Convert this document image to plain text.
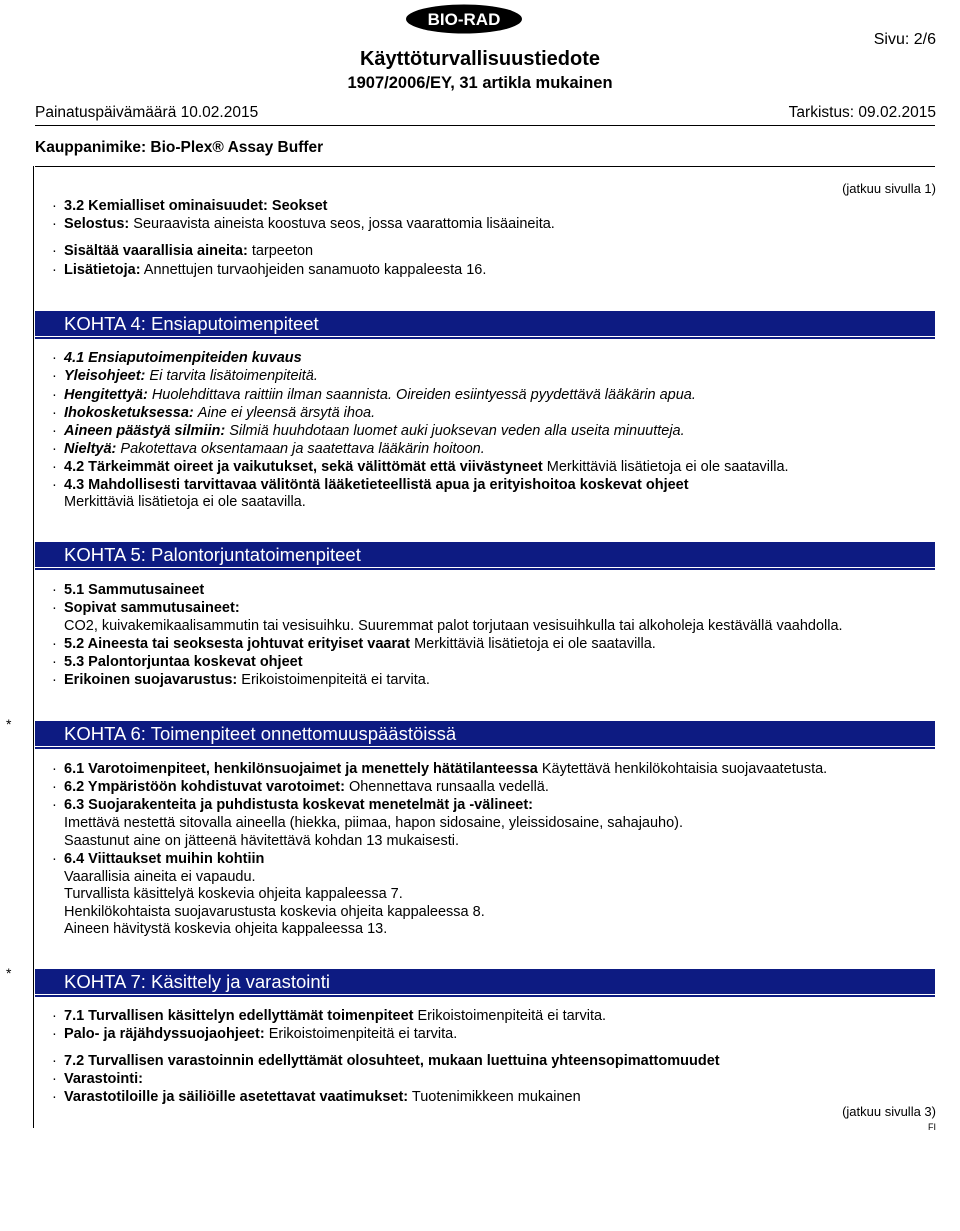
BIO-RAD
Sivu: 2/6
Käyttöturvallisuustiedote
1907/2006/EY, 31 artikla mukainen
Painatuspäivämäärä 10.02.2015	Tarkistus: 09.02.2015
Kauppanimike: Bio-Plex® Assay Buffer
(jatkuu sivulla 1)
· 3.2 Kemialliset ominaisuudet: Seokset
· Selostus: Seuraavista aineista koostuva seos, jossa vaarattomia lisäaineita.
· Sisältää vaarallisia aineita: tarpeeton
· Lisätietoja: Annettujen turvaohjeiden sanamuoto kappaleesta 16.
KOHTA 4: Ensiaputoimenpiteet
· 4.1 Ensiaputoimenpiteiden kuvaus
· Yleisohjeet: Ei tarvita lisätoimenpiteitä.
· Hengitettyä: Huolehdittava raittiin ilman saannista. Oireiden esiintyessä pyydettävä lääkärin apua.
· Ihokosketuksessa: Aine ei yleensä ärsytä ihoa.
· Aineen päästyä silmiin: Silmiä huuhdotaan luomet auki juoksevan veden alla useita minuutteja.
· Nieltyä: Pakotettava oksentamaan ja saatettava lääkärin hoitoon.
· 4.2 Tärkeimmät oireet ja vaikutukset, sekä välittömät että viivästyneet Merkittäviä lisätietoja ei ole saatavilla.
· 4.3 Mahdollisesti tarvittavaa välitöntä lääketieteellistä apua ja erityishoitoa koskevat ohjeet
Merkittäviä lisätietoja ei ole saatavilla.
KOHTA 5: Palontorjuntatoimenpiteet
· 5.1 Sammutusaineet
· Sopivat sammutusaineet:
CO2, kuivakemikaalisammutin tai vesisuihku. Suuremmat palot torjutaan vesisuihkulla tai alkoholeja kestävällä vaahdolla.
· 5.2 Aineesta tai seoksesta johtuvat erityiset vaarat Merkittäviä lisätietoja ei ole saatavilla.
· 5.3 Palontorjuntaa koskevat ohjeet
· Erikoinen suojavarustus: Erikoistoimenpiteitä ei tarvita.
*	KOHTA 6: Toimenpiteet onnettomuuspäästöissä
· 6.1 Varotoimenpiteet, henkilönsuojaimet ja menettely hätätilanteessa Käytettävä henkilökohtaisia suojavaatetusta.
· 6.2 Ympäristöön kohdistuvat varotoimet: Ohennettava runsaalla vedellä.
· 6.3 Suojarakenteita ja puhdistusta koskevat menetelmät ja -välineet:
Imettävä nestettä sitovalla aineella (hiekka, piimaa, hapon sidosaine, yleissidosaine, sahajauho).
Saastunut aine on jätteenä hävitettävä kohdan 13 mukaisesti.
· 6.4 Viittaukset muihin kohtiin
Vaarallisia aineita ei vapaudu.
Turvallista käsittelyä koskevia ohjeita kappaleessa 7.
Henkilökohtaista suojavarustusta koskevia ohjeita kappaleessa 8.
Aineen hävitystä koskevia ohjeita kappaleessa 13.
*	KOHTA 7: Käsittely ja varastointi
· 7.1 Turvallisen käsittelyn edellyttämät toimenpiteet Erikoistoimenpiteitä ei tarvita.
· Palo- ja räjähdyssuojaohjeet: Erikoistoimenpiteitä ei tarvita.
· 7.2 Turvallisen varastoinnin edellyttämät olosuhteet, mukaan luettuina yhteensopimattomuudet
· Varastointi:
· Varastotiloille ja säiliöille asetettavat vaatimukset: Tuotenimikkeen mukainen
(jatkuu sivulla 3)
FI
